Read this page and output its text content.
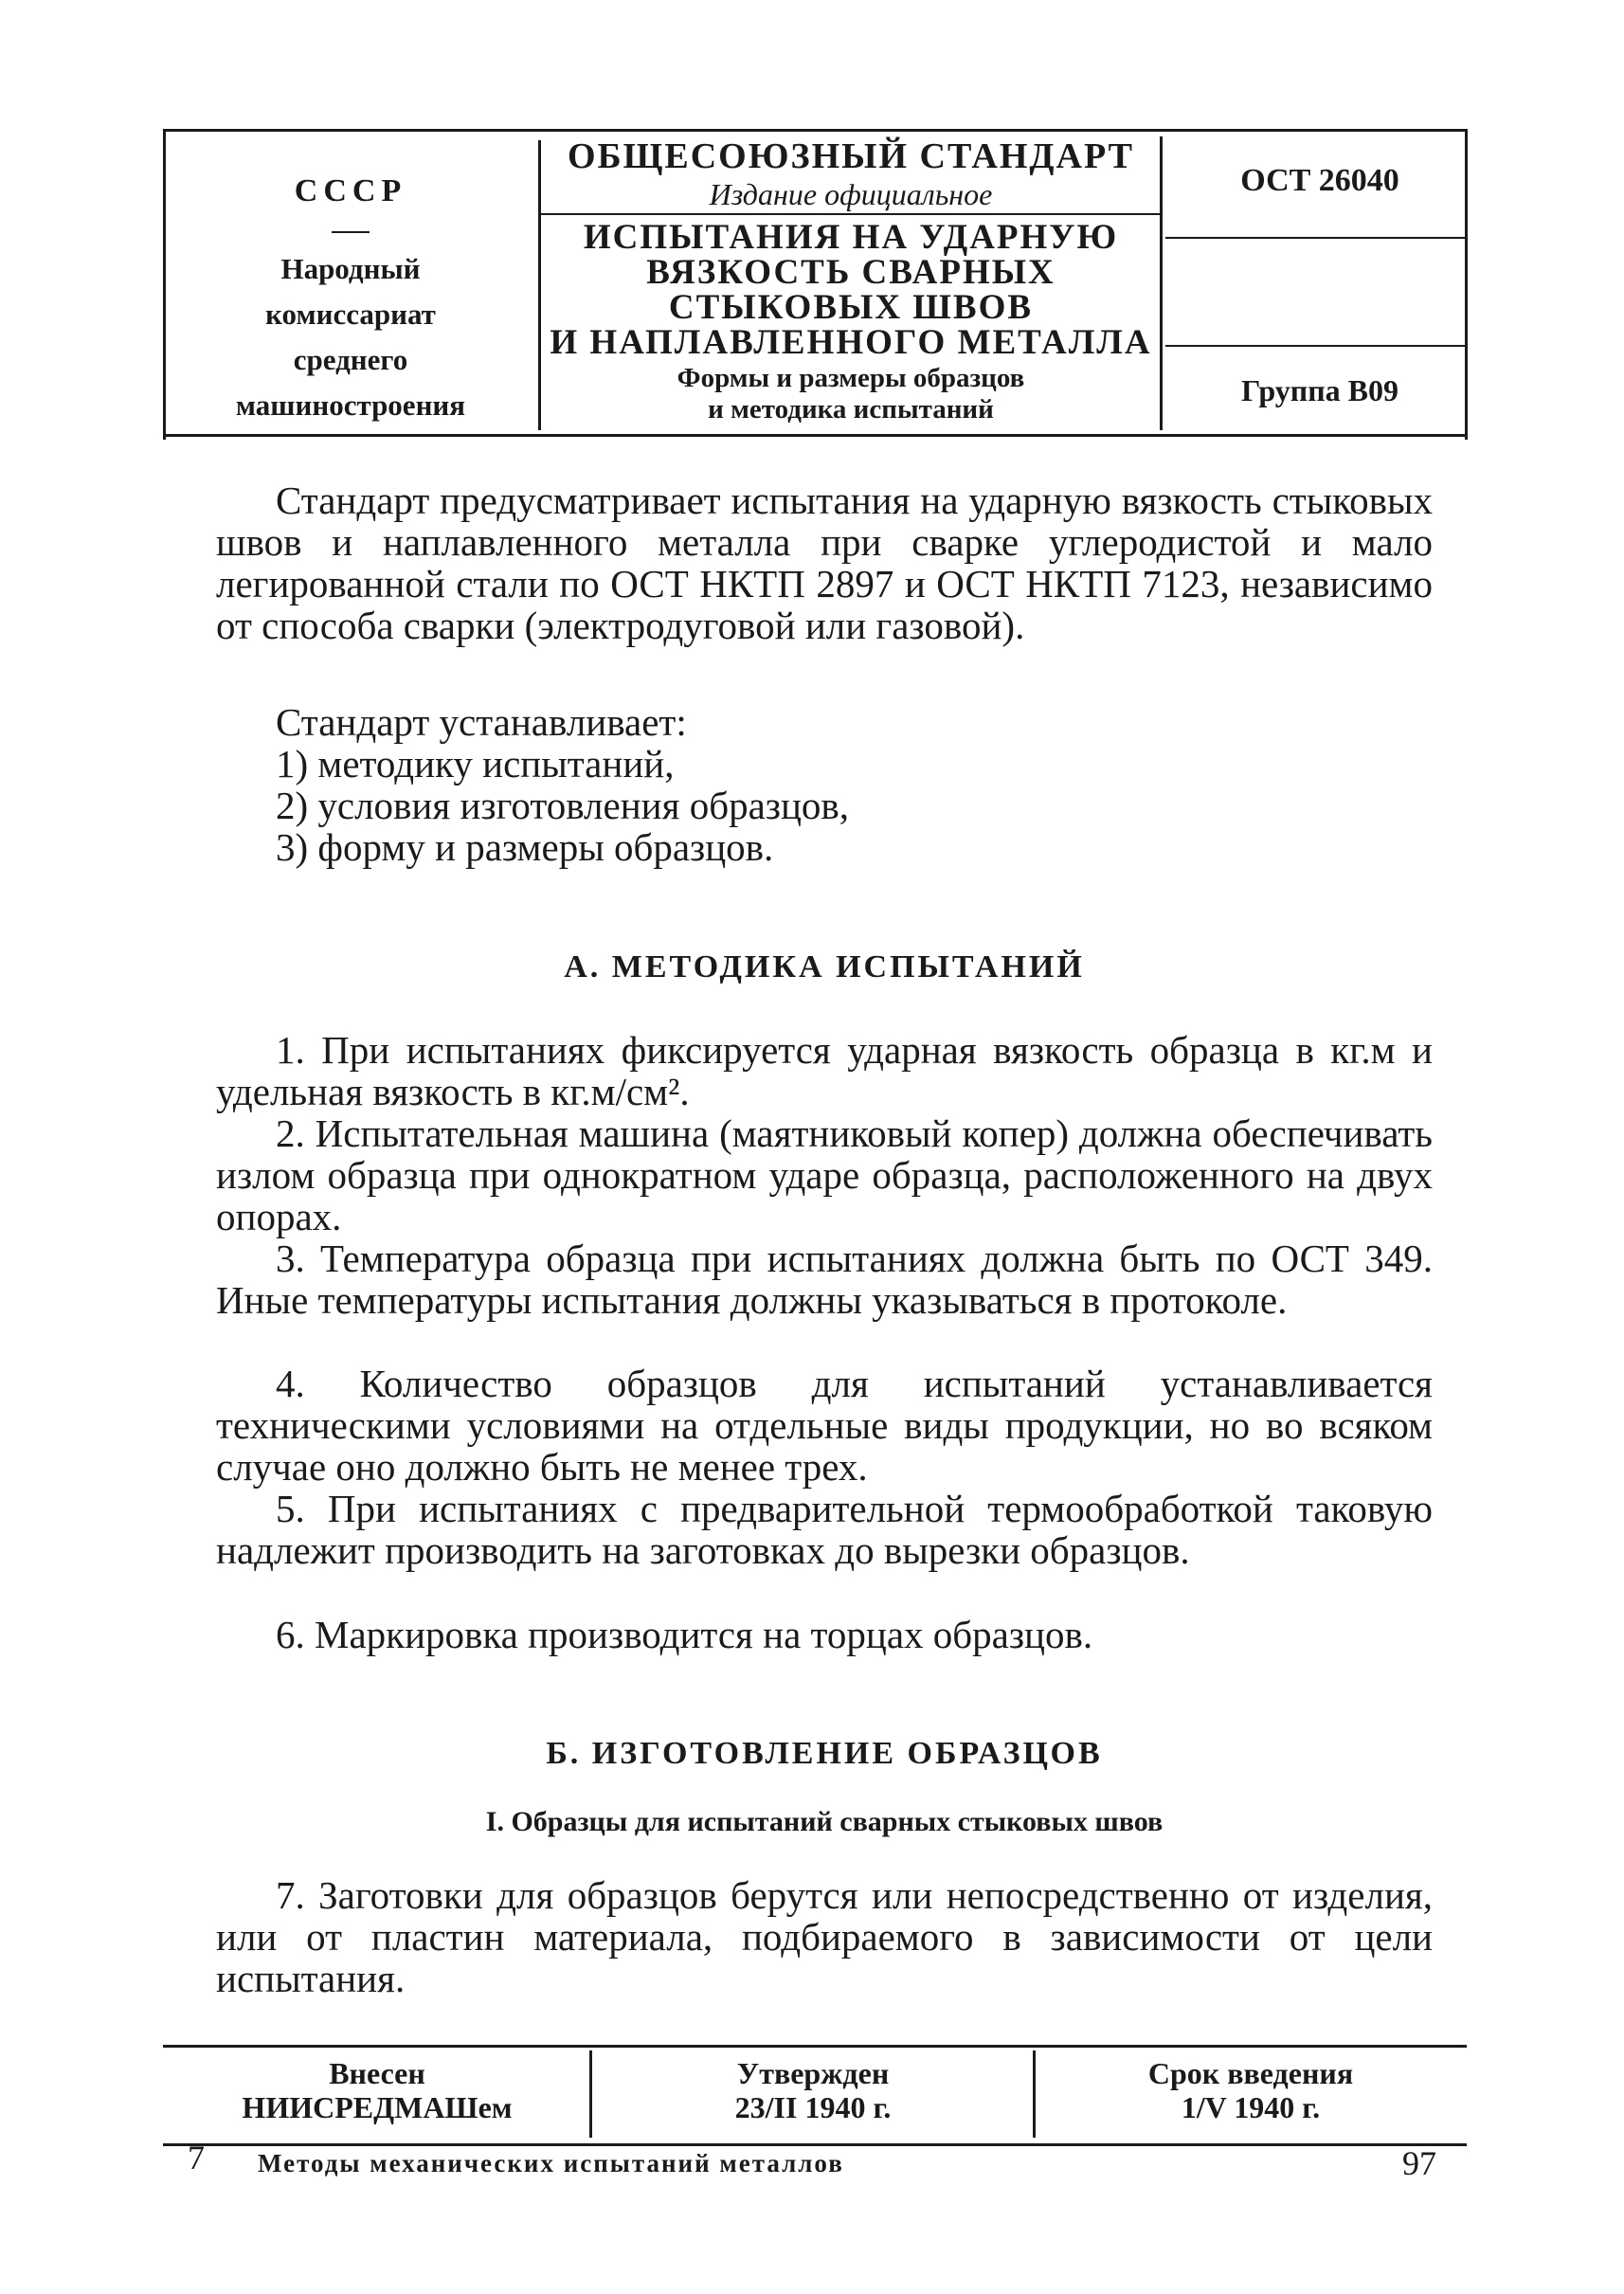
СССР
Народный
комиссариат
среднего
машиностроения
ОБЩЕСОЮЗНЫЙ СТАНДАРТ
Издание официальное
ИСПЫТАНИЯ НА УДАРНУЮ
ВЯЗКОСТЬ СВАРНЫХ
СТЫКОВЫХ ШВОВ
И НАПЛАВЛЕННОГО МЕТАЛЛА
Формы и размеры образцов
и методика испытаний
ОСТ 26040
Группа В09
Стандарт предусматривает испытания на ударную вязкость стыковых швов и наплавленного металла при сварке углеродистой и мало легированной стали по ОСТ НКТП 2897 и ОСТ НКТП 7123, независимо от способа сварки (электродуговой или газовой).
Стандарт устанавливает:
1) методику испытаний,
2) условия изготовления образцов,
3) форму и размеры образцов.
А. МЕТОДИКА ИСПЫТАНИЙ
1. При испытаниях фиксируется ударная вязкость образца в кг.м и удельная вязкость в кг.м/см².
2. Испытательная машина (маятниковый копер) должна обеспечивать излом образца при однократном ударе образца, расположенного на двух опорах.
3. Температура образца при испытаниях должна быть по ОСТ 349. Иные температуры испытания должны указываться в протоколе.
4. Количество образцов для испытаний устанавливается техническими условиями на отдельные виды продукции, но во всяком случае оно должно быть не менее трех.
5. При испытаниях с предварительной термообработкой таковую надлежит производить на заготовках до вырезки образцов.
6. Маркировка производится на торцах образцов.
Б. ИЗГОТОВЛЕНИЕ ОБРАЗЦОВ
I. Образцы для испытаний сварных стыковых швов
7. Заготовки для образцов берутся или непосредственно от изделия, или от пластин материала, подбираемого в зависимости от цели испытания.
Внесен
НИИСРЕДМАШем
Утвержден
23/II 1940 г.
Срок введения
1/V 1940 г.
7 Методы механических испытаний металлов	97
